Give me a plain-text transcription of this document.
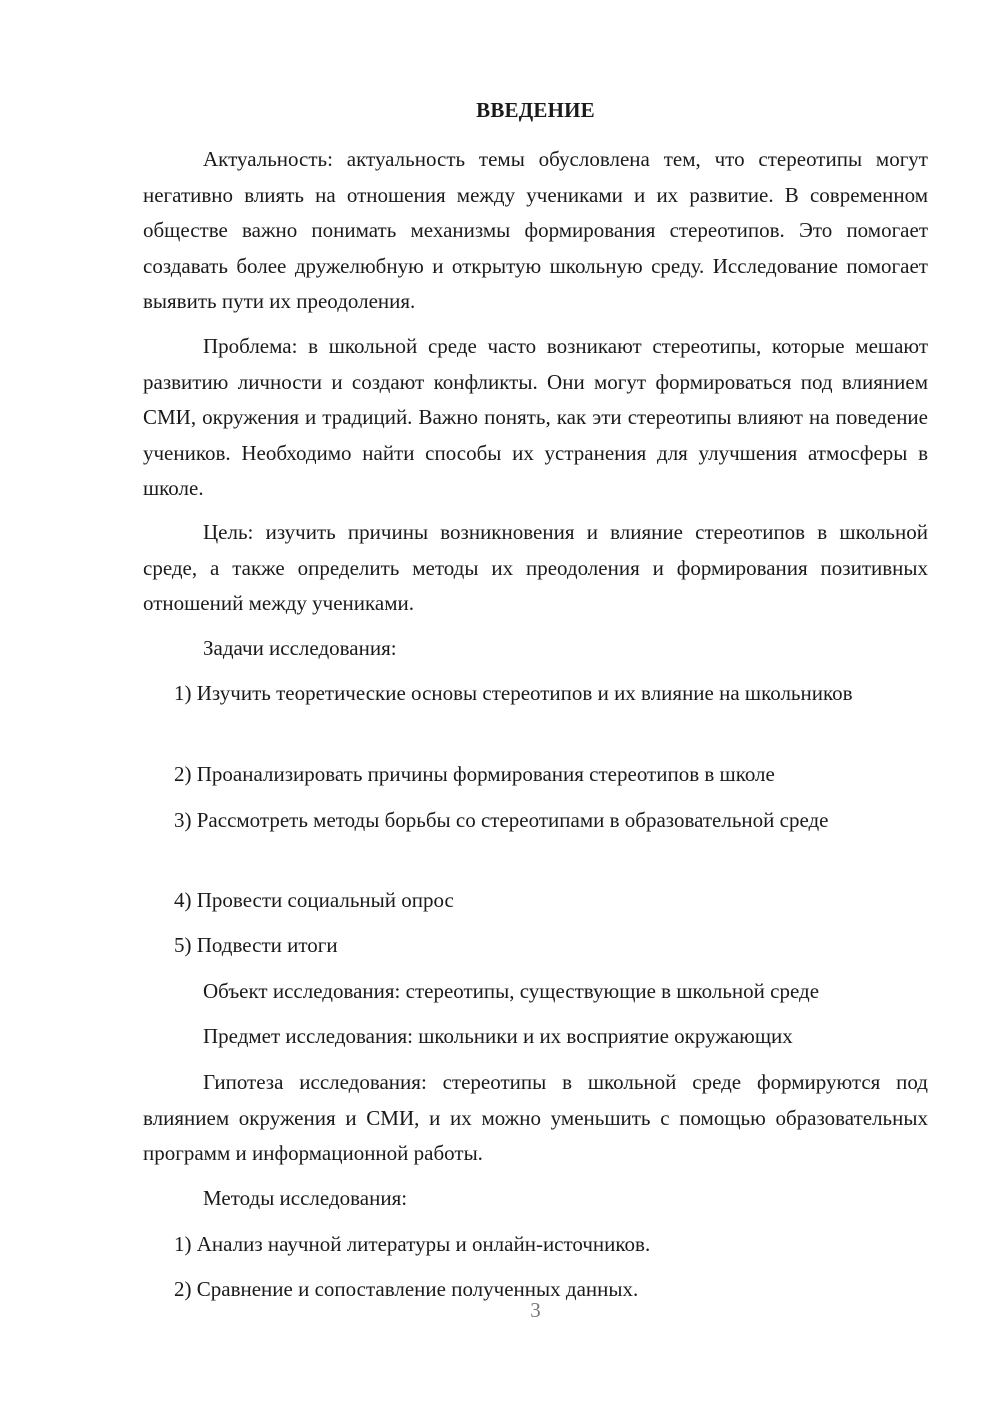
ВВЕДЕНИЕ

Актуальность: актуальность темы обусловлена тем, что стереотипы могут негативно влиять на отношения между учениками и их развитие. В современном обществе важно понимать механизмы формирования стереотипов. Это помогает создавать более дружелюбную и открытую школьную среду. Исследование помогает выявить пути их преодоления.

Проблема: в школьной среде часто возникают стереотипы, которые мешают развитию личности и создают конфликты. Они могут формироваться под влиянием СМИ, окружения и традиций. Важно понять, как эти стереотипы влияют на поведение учеников. Необходимо найти способы их устранения для улучшения атмосферы в школе.

Цель: изучить причины возникновения и влияние стереотипов в школьной среде, а также определить методы их преодоления и формирования позитивных отношений между учениками.

Задачи исследования:

1) Изучить теоретические основы стереотипов и их влияние на школьников

2) Проанализировать причины формирования стереотипов в школе

3) Рассмотреть методы борьбы со стереотипами в образовательной среде

4) Провести социальный опрос

5) Подвести итоги

Объект исследования: стереотипы, существующие в школьной среде

Предмет исследования: школьники и их восприятие окружающих

Гипотеза исследования: стереотипы в школьной среде формируются под влиянием окружения и СМИ, и их можно уменьшить с помощью образовательных программ и информационной работы.

Методы исследования:

1) Анализ научной литературы и онлайн-источников.

2) Сравнение и сопоставление полученных данных.

3
